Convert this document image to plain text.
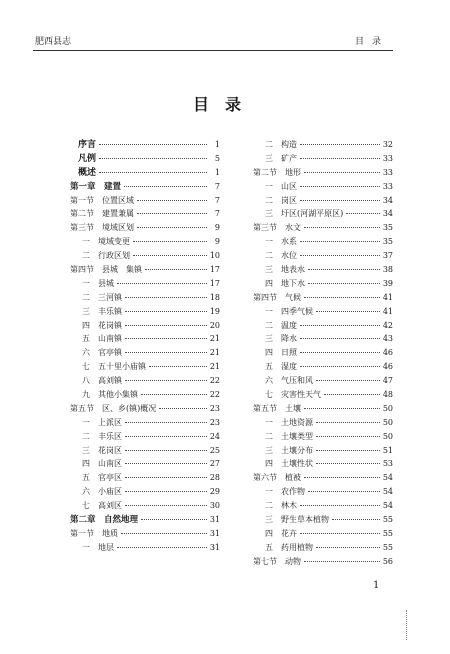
肥西县志	目录
目录
序言	1
凡例	5
概述	1
第一章　建置	7
第一节　位置区域	7
第二节　建置兼属	7
第三节　境域区划	9
一　境域变更	9
二　行政区划	10
第四节　县城　集镇	17
一　县城	17
二　三河镇	18
三　丰乐镇	19
四　花岗镇	20
五　山南镇	21
六　官亭镇	21
七　五十里小庙镇	21
八　高刘镇	22
九　其他小集镇	22
第五节　区、乡(镇)概况	23
一　上派区	23
二　丰乐区	24
三　花岗区	25
四　山南区	27
五　官亭区	28
六　小庙区	29
七　高刘区	30
第二章　自然地理	31
第一节　地质	31
一　地层	31
二　构造	32
三　矿产	33
第二节　地形	33
一　山区	33
二　岗区	34
三　圩区(河湖平原区)	34
第三节　水文	35
一　水系	35
二　水位	37
三　地表水	38
四　地下水	39
第四节　气候	41
一　四季气候	41
二　温度	42
三　降水	43
四　日照	46
五　湿度	46
六　气压和风	47
七　灾害性天气	48
第五节　土壤	50
一　土地资源	50
二　土壤类型	50
三　土壤分布	51
四　土壤性状	53
第六节　植被	54
一　农作物	54
二　林木	54
三　野生草本植物	55
四　花卉	55
五　药用植物	55
第七节　动物	56
1
